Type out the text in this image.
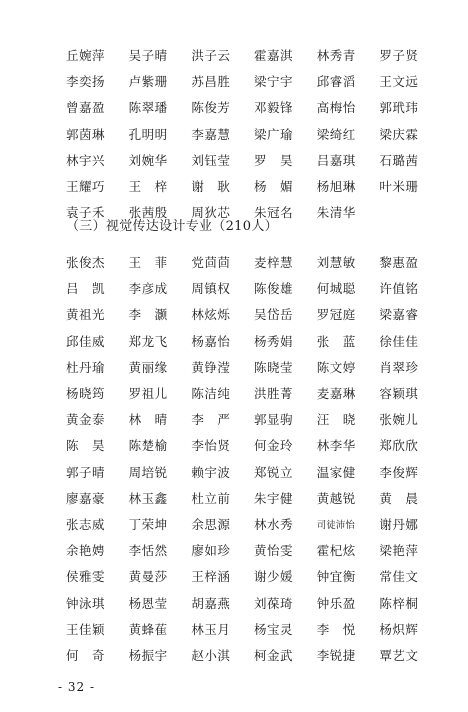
丘婉萍	吴子晴	洪子云	霍嘉淇	林秀青	罗子贤
李奕扬	卢紫珊	苏昌胜	梁宁宇	邱睿滔	王文远
曾嘉盈	陈翠璠	陈俊芳	邓毅锋	高梅怡	郭玳玮
郭茵琳	孔明明	李嘉慧	梁广瑜	梁绮红	梁庆霖
林宇兴	刘婉华	刘钰莹	罗　昊	吕嘉琪	石璐茜
王耀巧	王　梓	谢　耿	杨　媚	杨旭琳	叶米珊
袁子禾	张茜殷	周狄芯	朱冠名	朱清华
（三）视觉传达设计专业（210人）
张俊杰	王　菲	党茴茴	麦梓慧	刘慧敏	黎惠盈
吕　凯	李彦成	周镇权	陈俊雄	何城聪	许值铭
黄祖光	李　灏	林炫烁	吴岱岳	罗冠庭	梁嘉睿
邱佳威	郑龙飞	杨嘉怡	杨秀娟	张　蓝	徐佳佳
杜丹瑜	黄丽缘	黄铮滢	陈晓莹	陈文婷	肖翠珍
杨晓筠	罗祖儿	陈洁纯	洪胜菁	麦嘉琳	容颖琪
黄金泰	林　晴	李　严	郭显驹	汪　晓	张婉儿
陈　昊	陈楚榆	李怡贤	何金玲	林李华	郑欣欣
郭子晴	周培锐	赖宇波	郑锐立	温家健	李俊辉
廖嘉豪	林玉鑫	杜立前	朱宇健	黄越锐	黄　晨
张志威	丁荣坤	余思源	林水秀	司徒沛怡	谢丹娜
余艳娉	李恬然	廖如珍	黄怡雯	霍杞炫	梁艳萍
侯雅雯	黄曼莎	王梓涵	谢少媛	钟宜衡	常佳文
钟泳琪	杨恩莹	胡嘉燕	刘葆琦	钟乐盈	陈梓桐
王佳颖	黄蜂萑	林玉月	杨宝灵	李　悦	杨炽辉
何　奇	杨振宇	赵小淇	柯金武	李锐捷	覃艺文
- 32 -
